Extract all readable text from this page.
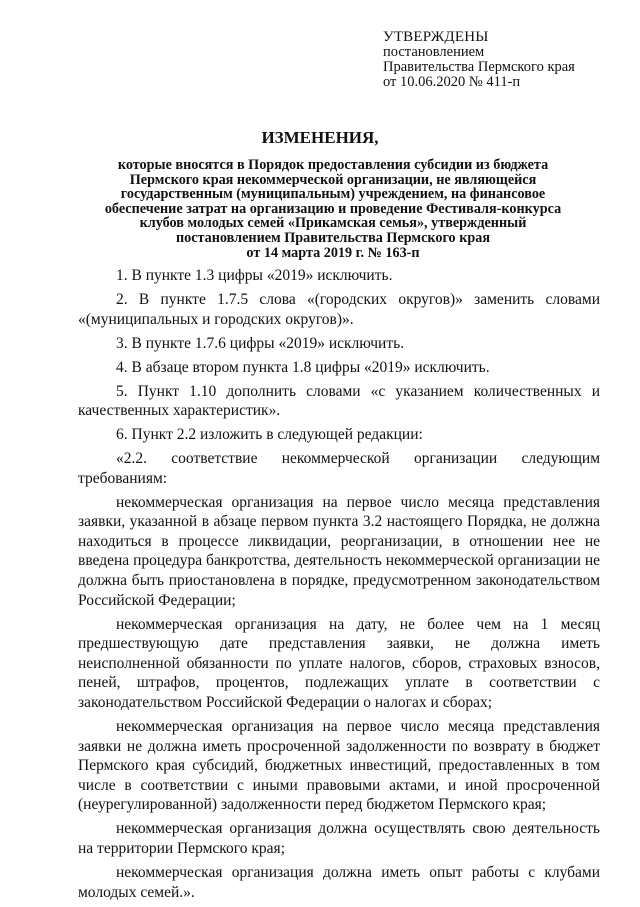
УТВЕРЖДЕНЫ
постановлением
Правительства Пермского края
от 10.06.2020 № 411-п
ИЗМЕНЕНИЯ,
которые вносятся в Порядок предоставления субсидии из бюджета
Пермского края некоммерческой организации, не являющейся
государственным (муниципальным) учреждением, на финансовое
обеспечение затрат на организацию и проведение Фестиваля-конкурса
клубов молодых семей «Прикамская семья», утвержденный
постановлением Правительства Пермского края
от 14 марта 2019 г. № 163-п

1. В пункте 1.3 цифры «2019» исключить.

2. В пункте 1.7.5 слова «(городских округов)» заменить словами «(муниципальных и городских округов)».

3. В пункте 1.7.6 цифры «2019» исключить.

4. В абзаце втором пункта 1.8 цифры «2019» исключить.

5. Пункт 1.10 дополнить словами «с указанием количественных и качественных характеристик».

6. Пункт 2.2 изложить в следующей редакции:

«2.2. соответствие некоммерческой организации следующим требованиям:

некоммерческая организация на первое число месяца представления заявки, указанной в абзаце первом пункта 3.2 настоящего Порядка, не должна находиться в процессе ликвидации, реорганизации, в отношении нее не введена процедура банкротства, деятельность некоммерческой организации не должна быть приостановлена в порядке, предусмотренном законодательством Российской Федерации;

некоммерческая организация на дату, не более чем на 1 месяц предшествующую дате представления заявки, не должна иметь неисполненной обязанности по уплате налогов, сборов, страховых взносов, пеней, штрафов, процентов, подлежащих уплате в соответствии с законодательством Российской Федерации о налогах и сборах;

некоммерческая организация на первое число месяца представления заявки не должна иметь просроченной задолженности по возврату в бюджет Пермского края субсидий, бюджетных инвестиций, предоставленных в том числе в соответствии с иными правовыми актами, и иной просроченной (неурегулированной) задолженности перед бюджетом Пермского края;

некоммерческая организация должна осуществлять свою деятельность на территории Пермского края;

некоммерческая организация должна иметь опыт работы с клубами молодых семей.».
